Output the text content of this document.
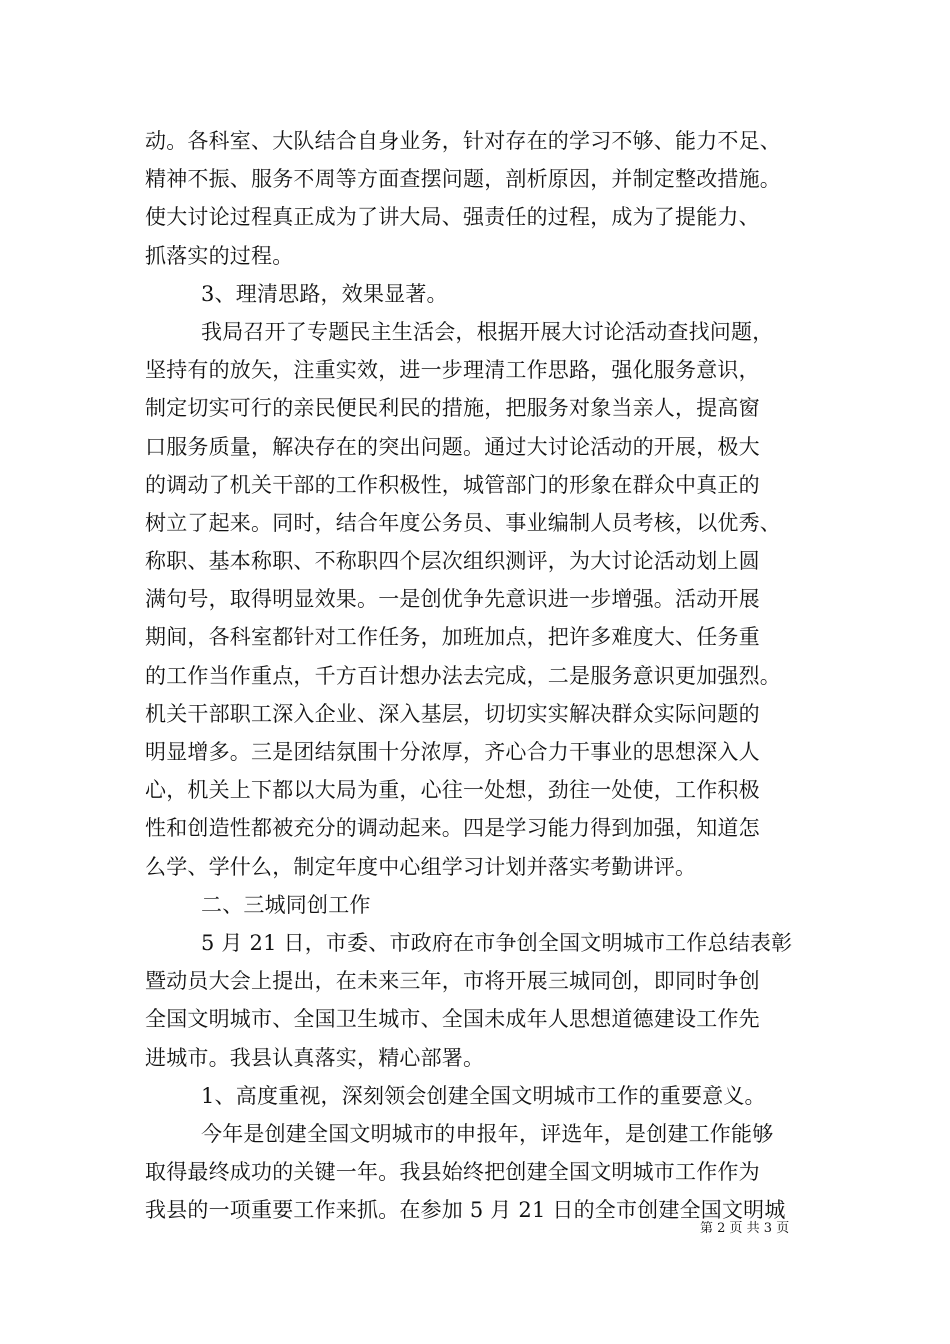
动。各科室、大队结合自身业务，针对存在的学习不够、能力不足、
精神不振、服务不周等方面查摆问题，剖析原因，并制定整改措施。
使大讨论过程真正成为了讲大局、强责任的过程，成为了提能力、
抓落实的过程。
3、理清思路，效果显著。
我局召开了专题民主生活会，根据开展大讨论活动查找问题，
坚持有的放矢，注重实效，进一步理清工作思路，强化服务意识，
制定切实可行的亲民便民利民的措施，把服务对象当亲人，提高窗
口服务质量，解决存在的突出问题。通过大讨论活动的开展，极大
的调动了机关干部的工作积极性，城管部门的形象在群众中真正的
树立了起来。同时，结合年度公务员、事业编制人员考核，以优秀、
称职、基本称职、不称职四个层次组织测评，为大讨论活动划上圆
满句号，取得明显效果。一是创优争先意识进一步增强。活动开展
期间，各科室都针对工作任务，加班加点，把许多难度大、任务重
的工作当作重点，千方百计想办法去完成，二是服务意识更加强烈。
机关干部职工深入企业、深入基层，切切实实解决群众实际问题的
明显增多。三是团结氛围十分浓厚，齐心合力干事业的思想深入人
心，机关上下都以大局为重，心往一处想，劲往一处使，工作积极
性和创造性都被充分的调动起来。四是学习能力得到加强，知道怎
么学、学什么，制定年度中心组学习计划并落实考勤讲评。
二、三城同创工作
5 月 21 日，市委、市政府在市争创全国文明城市工作总结表彰
暨动员大会上提出，在未来三年，市将开展三城同创，即同时争创
全国文明城市、全国卫生城市、全国未成年人思想道德建设工作先
进城市。我县认真落实，精心部署。
1、高度重视，深刻领会创建全国文明城市工作的重要意义。
今年是创建全国文明城市的申报年，评选年，是创建工作能够
取得最终成功的关键一年。我县始终把创建全国文明城市工作作为
我县的一项重要工作来抓。在参加 5 月 21 日的全市创建全国文明城
第 2 页 共 3 页
